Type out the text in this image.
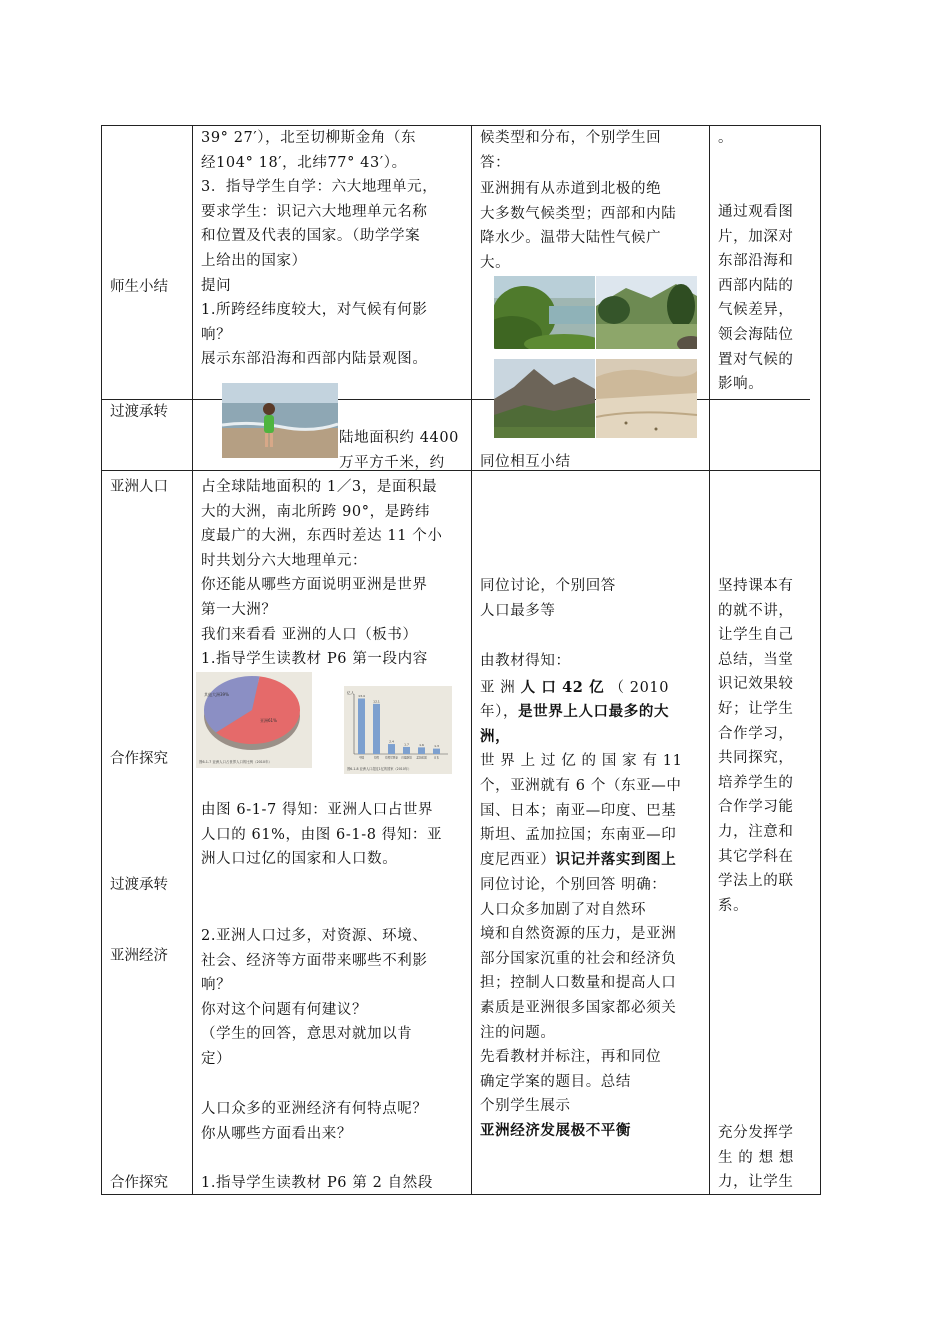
师生小结
过渡承转
亚洲人口
合作探究
过渡承转
亚洲经济
合作探究

39° 27′），北至切柳斯金角（东

经104° 18′，北纬77° 43′）。

3．指导学生自学：六大地理单元，

要求学生：识记六大地理单元名称

和位置及代表的国家。（助学学案

上给出的国家）

提问

1.所跨经纬度较大，对气候有何影

响？

展示东部沿海和西部内陆景观图。

候类型和分布，个别学生回

答：

亚洲拥有从赤道到北极的绝

大多数气候类型；西部和内陆

降水少。温带大陆性气候广

大。

同位相互小结
。

通过观看图

片，加深对

东部沿海和

西部内陆的

气候差异，

领会海陆位

置对气候的

影响。

陆地面积约 4400

万平方千米，约

占全球陆地面积的 1／3，是面积最

大的大洲，南北所跨 90°，是跨纬

度最广的大洲，东西时差达 11 个小

时共划分六大地理单元：

你还能从哪些方面说明亚洲是世界

第一大洲？

我们来看看 亚洲的人口（板书）

1.指导学生读教材 P6 第一段内容

其他大洲39%
亚洲61%
图6-1-7 亚洲人口占世界人口的比例（2010年）
亿人
13.4
中国
12.1
印度
2.4
印度尼西亚
1.7
巴基斯坦
1.6
孟加拉国
1.3
日本
图6-1-8 亚洲人口超过1亿的国家（2010年）

由图 6-1-7 得知：亚洲人口占世界

人口的 61%，由图 6-1-8 得知：亚

洲人口过亿的国家和人口数。

2.亚洲人口过多，对资源、环境、

社会、经济等方面带来哪些不利影

响？

你对这个问题有何建议？

（学生的回答，意思对就加以肯

定）

人口众多的亚洲经济有何特点呢？

你从哪些方面看出来？

1.指导学生读教材 P6 第 2 自然段

同位讨论，个别回答

人口最多等

由教材得知：

亚 洲 人 口 42 亿 （ 2010

年），是世界上人口最多的大

洲，

世 界 上 过 亿 的 国 家 有 11

个，亚洲就有 6 个（东亚—中

国、日本；南亚—印度、巴基

斯坦、孟加拉国；东南亚—印

度尼西亚）识记并落实到图上

同位讨论，个别回答 明确：

人口众多加剧了对自然环

境和自然资源的压力，是亚洲

部分国家沉重的社会和经济负

担；控制人口数量和提高人口

素质是亚洲很多国家都必须关

注的问题。

先看教材并标注，再和同位

确定学案的题目。总结

个别学生展示

亚洲经济发展极不平衡

坚持课本有

的就不讲，

让学生自己

总结，当堂

识记效果较

好；让学生

合作学习，

共同探究，

培养学生的

合作学习能

力，注意和

其它学科在

学法上的联

系。

充分发挥学

生 的 想 想

力，让学生
